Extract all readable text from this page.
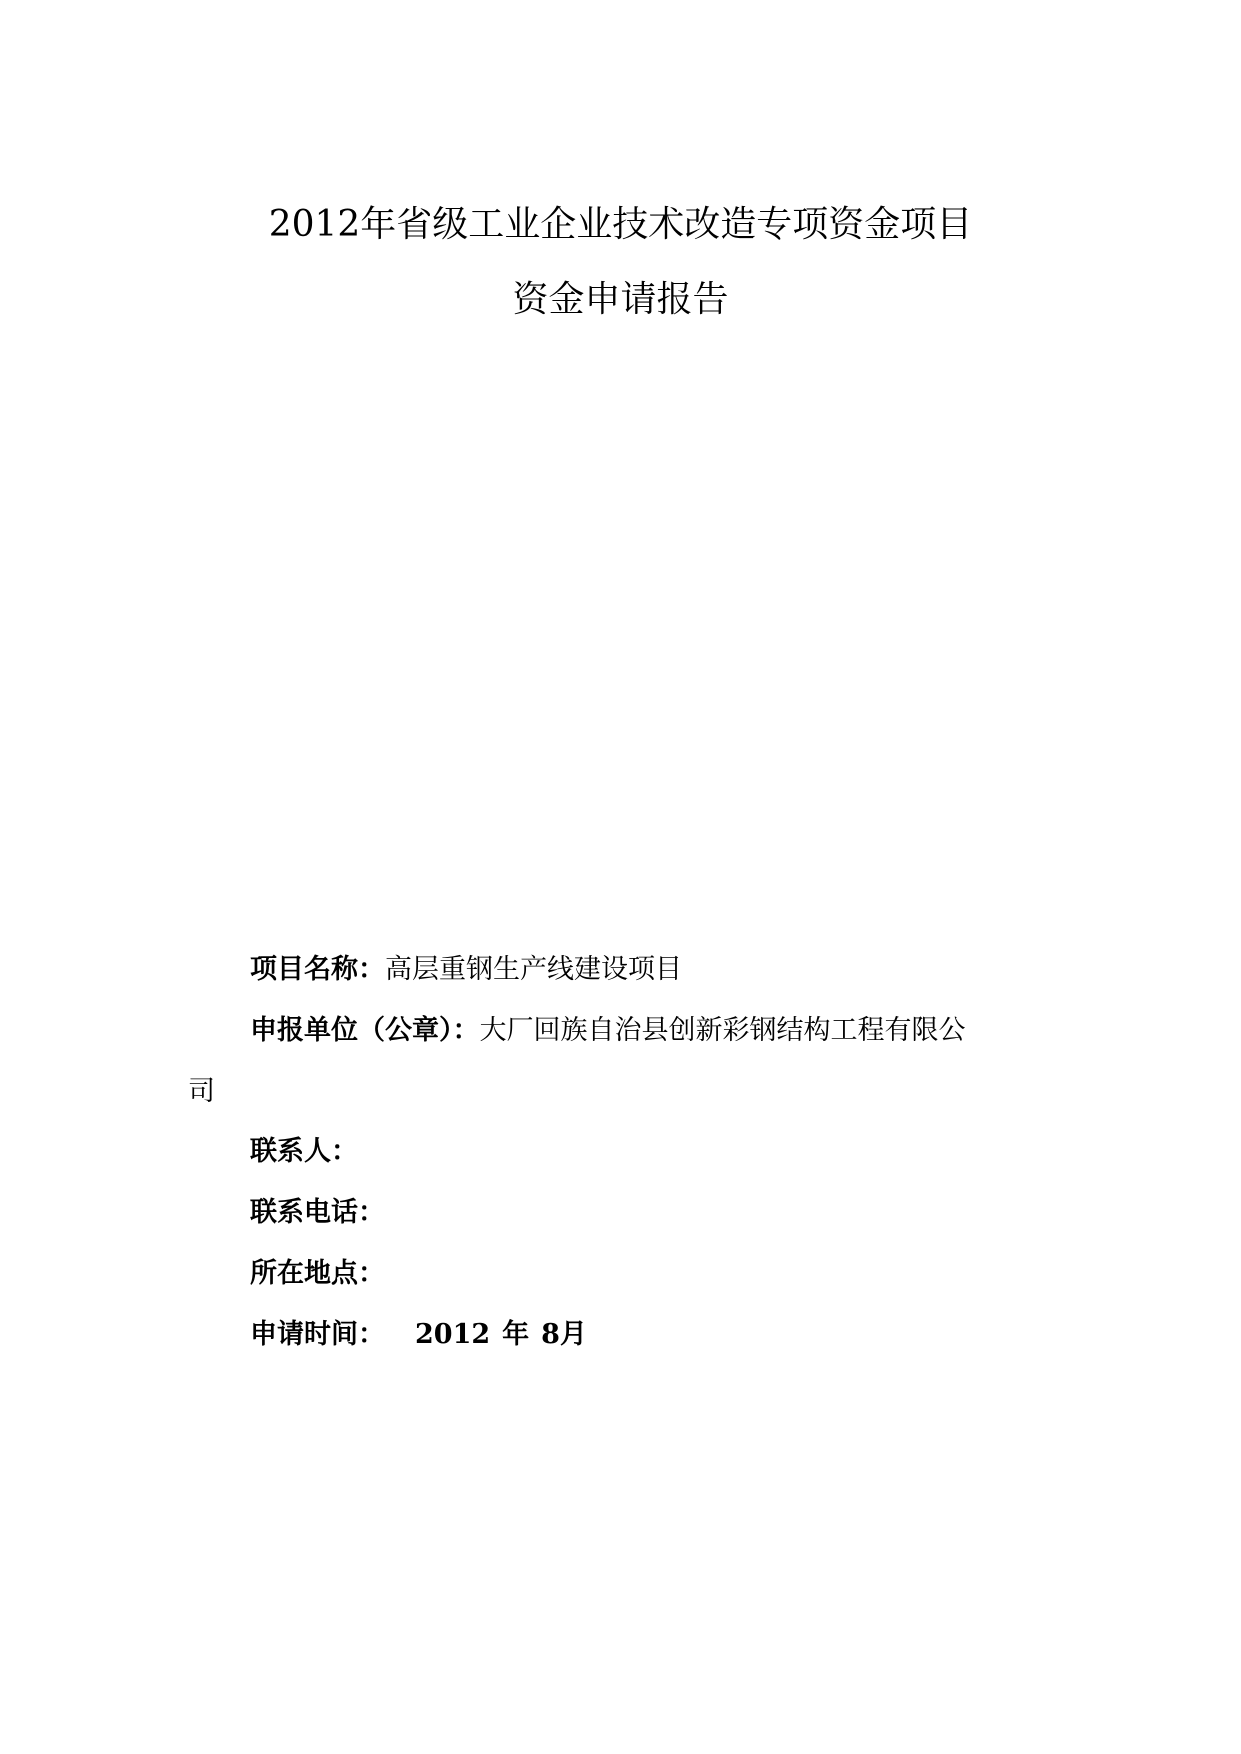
2012年省级工业企业技术改造专项资金项目
资金申请报告
项目名称：高层重钢生产线建设项目
申报单位（公章）：大厂回族自治县创新彩钢结构工程有限公
司
联系人：
联系电话：
所在地点：
申请时间： 2012 年 8月
